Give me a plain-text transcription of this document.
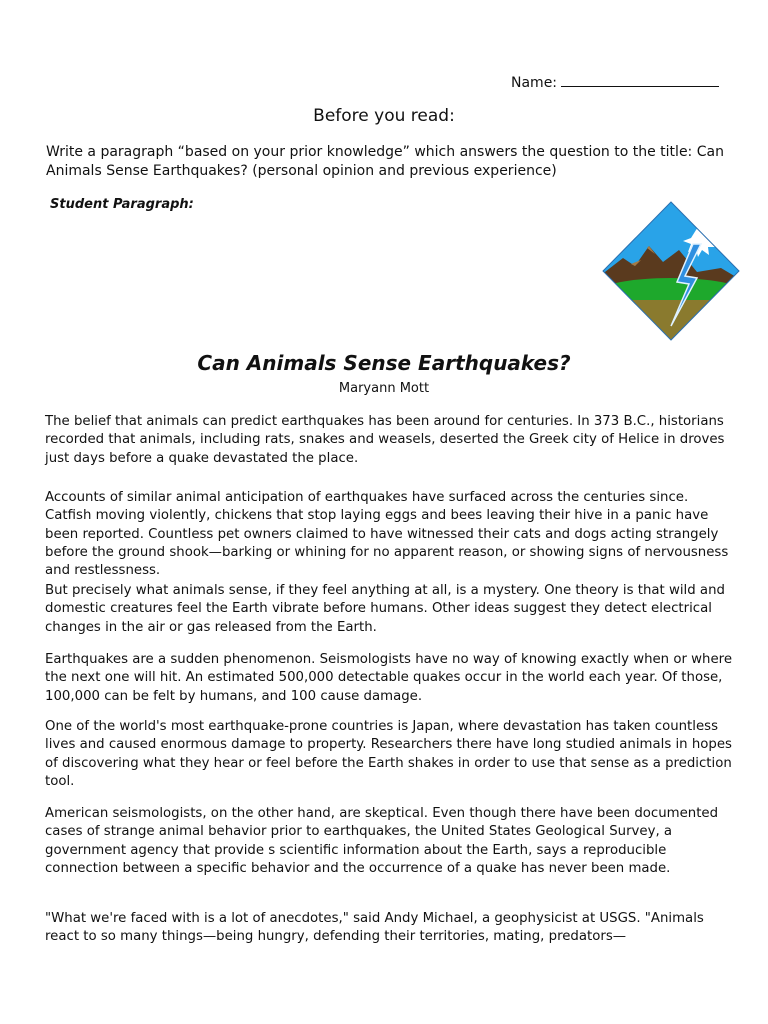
Name:
Before you read:

Write a paragraph “based on your prior knowledge” which answers the question to the title: Can Animals Sense Earthquakes? (personal opinion and previous experience)

Student Paragraph:

Can Animals Sense Earthquakes?

Maryann Mott

The belief that animals can predict earthquakes has been around for centuries. In 373 B.C., historians recorded that animals, including rats, snakes and weasels, deserted the Greek city of Helice in droves just days before a quake devastated the place.

Accounts of similar animal anticipation of earthquakes have surfaced across the centuries since. Catfish moving violently, chickens that stop laying eggs and bees leaving their hive in a panic have been reported. Countless pet owners claimed to have witnessed their cats and dogs acting strangely before the ground shook—barking or whining for no apparent reason, or showing signs of nervousness and restlessness.

But precisely what animals sense, if they feel anything at all, is a mystery. One theory is that wild and domestic creatures feel the Earth vibrate before humans. Other ideas suggest they detect electrical changes in the air or gas released from the Earth.

Earthquakes are a sudden phenomenon. Seismologists have no way of knowing exactly when or where the next one will hit. An estimated 500,000 detectable quakes occur in the world each year. Of those, 100,000 can be felt by humans, and 100 cause damage.

One of the world's most earthquake-prone countries is Japan, where devastation has taken countless lives and caused enormous damage to property. Researchers there have long studied animals in hopes of discovering what they hear or feel before the Earth shakes in order to use that sense as a prediction tool.

American seismologists, on the other hand, are skeptical. Even though there have been documented cases of strange animal behavior prior to earthquakes, the United States Geological Survey, a government agency that provide s scientific information about the Earth, says a reproducible connection between a specific behavior and the occurrence of a quake has never been made.

"What we're faced with is a lot of anecdotes," said Andy Michael, a geophysicist at USGS. "Animals react to so many things—being hungry, defending their territories, mating, predators—
